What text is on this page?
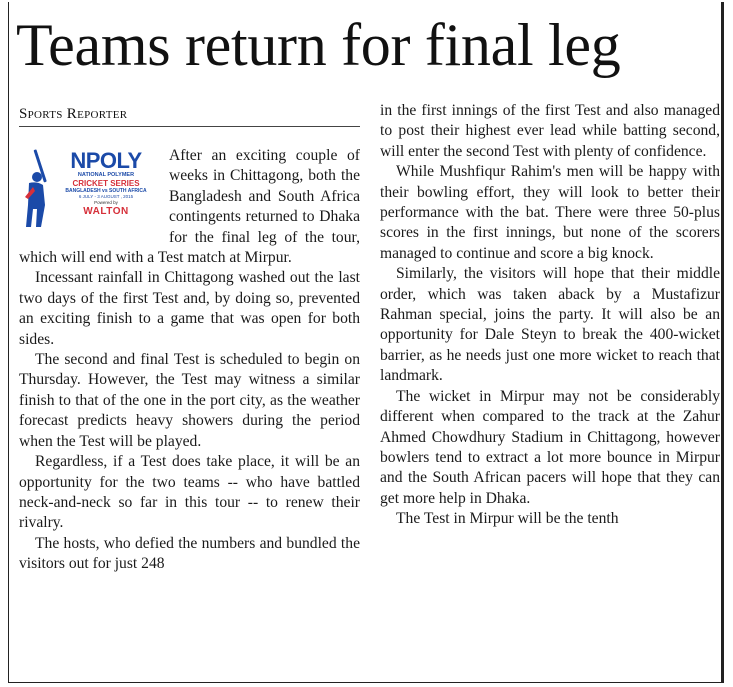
Teams return for final leg
Sports Reporter
NPOLY
NATIONAL POLYMER
CRICKET SERIES
BANGLADESH vs SOUTH AFRICA
6 JULY - 3 AUGUST , 2015
Powered by
WALTON

After an exciting couple of weeks in Chittagong, both the Bangladesh and South Africa contingents returned to Dhaka for the final leg of the tour, which will end with a Test match at Mirpur.

Incessant rainfall in Chittagong washed out the last two days of the first Test and, by doing so, prevented an exciting finish to a game that was open for both sides.

The second and final Test is scheduled to begin on Thursday. However, the Test may witness a similar finish to that of the one in the port city, as the weather forecast predicts heavy showers during the period when the Test will be played.

Regardless, if a Test does take place, it will be an opportunity for the two teams -- who have battled neck-and-neck so far in this tour -- to renew their rivalry.

The hosts, who defied the numbers and bundled the visitors out for just 248

in the first innings of the first Test and also managed to post their highest ever lead while batting second, will enter the second Test with plenty of confidence.

While Mushfiqur Rahim's men will be happy with their bowling effort, they will look to better their performance with the bat. There were three 50-plus scores in the first innings, but none of the scorers managed to continue and score a big knock.

Similarly, the visitors will hope that their middle order, which was taken aback by a Mustafizur Rahman special, joins the party. It will also be an opportunity for Dale Steyn to break the 400-wicket barrier, as he needs just one more wicket to reach that landmark.

The wicket in Mirpur may not be considerably different when compared to the track at the Zahur Ahmed Chowdhury Stadium in Chittagong, however bowlers tend to extract a lot more bounce in Mirpur and the South African pacers will hope that they can get more help in Dhaka.

The Test in Mirpur will be the tenth
